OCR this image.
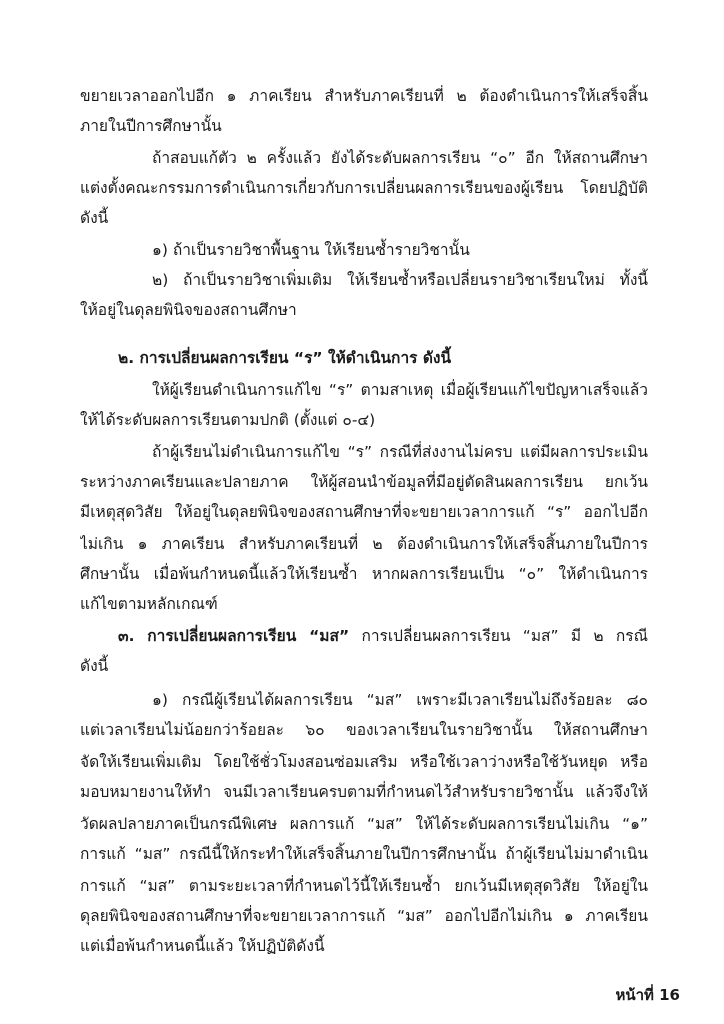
ขยายเวลาออกไปอีก ๑ ภาคเรียน สำหรับภาคเรียนที่ ๒ ต้องดำเนินการให้เสร็จสิ้น

ภายในปีการศึกษานั้น

ถ้าสอบแก้ตัว ๒ ครั้งแล้ว ยังได้ระดับผลการเรียน “๐” อีก ให้สถานศึกษา

แต่งตั้งคณะกรรมการดำเนินการเกี่ยวกับการเปลี่ยนผลการเรียนของผู้เรียน โดยปฏิบัติ

ดังนี้

๑) ถ้าเป็นรายวิชาพื้นฐาน ให้เรียนซ้ำรายวิชานั้น

๒) ถ้าเป็นรายวิชาเพิ่มเติม ให้เรียนซ้ำหรือเปลี่ยนรายวิชาเรียนใหม่ ทั้งนี้

ให้อยู่ในดุลยพินิจของสถานศึกษา

๒. การเปลี่ยนผลการเรียน “ร” ให้ดำเนินการ ดังนี้

ให้ผู้เรียนดำเนินการแก้ไข “ร” ตามสาเหตุ เมื่อผู้เรียนแก้ไขปัญหาเสร็จแล้ว

ให้ได้ระดับผลการเรียนตามปกติ (ตั้งแต่ ๐-๔)

ถ้าผู้เรียนไม่ดำเนินการแก้ไข “ร” กรณีที่ส่งงานไม่ครบ แต่มีผลการประเมิน

ระหว่างภาคเรียนและปลายภาค ให้ผู้สอนนำข้อมูลที่มีอยู่ตัดสินผลการเรียน ยกเว้น

มีเหตุสุดวิสัย ให้อยู่ในดุลยพินิจของสถานศึกษาที่จะขยายเวลาการแก้ “ร” ออกไปอีก

ไม่เกิน ๑ ภาคเรียน สำหรับภาคเรียนที่ ๒ ต้องดำเนินการให้เสร็จสิ้นภายในปีการ

ศึกษานั้น เมื่อพ้นกำหนดนี้แล้วให้เรียนซ้ำ หากผลการเรียนเป็น “๐” ให้ดำเนินการ

แก้ไขตามหลักเกณฑ์

๓. การเปลี่ยนผลการเรียน “มส” การเปลี่ยนผลการเรียน “มส” มี ๒ กรณี

ดังนี้

๑) กรณีผู้เรียนได้ผลการเรียน “มส” เพราะมีเวลาเรียนไม่ถึงร้อยละ ๘๐

แต่เวลาเรียนไม่น้อยกว่าร้อยละ ๖๐ ของเวลาเรียนในรายวิชานั้น ให้สถานศึกษา

จัดให้เรียนเพิ่มเติม โดยใช้ชั่วโมงสอนซ่อมเสริม หรือใช้เวลาว่างหรือใช้วันหยุด หรือ

มอบหมายงานให้ทำ จนมีเวลาเรียนครบตามที่กำหนดไว้สำหรับรายวิชานั้น แล้วจึงให้

วัดผลปลายภาคเป็นกรณีพิเศษ ผลการแก้ “มส” ให้ได้ระดับผลการเรียนไม่เกิน “๑”

การแก้ “มส” กรณีนี้ให้กระทำให้เสร็จสิ้นภายในปีการศึกษานั้น ถ้าผู้เรียนไม่มาดำเนิน

การแก้ “มส” ตามระยะเวลาที่กำหนดไว้นี้ให้เรียนซ้ำ ยกเว้นมีเหตุสุดวิสัย ให้อยู่ใน

ดุลยพินิจของสถานศึกษาที่จะขยายเวลาการแก้ “มส” ออกไปอีกไม่เกิน ๑ ภาคเรียน

แต่เมื่อพ้นกำหนดนี้แล้ว ให้ปฏิบัติดังนี้

หน้าที่ 16
